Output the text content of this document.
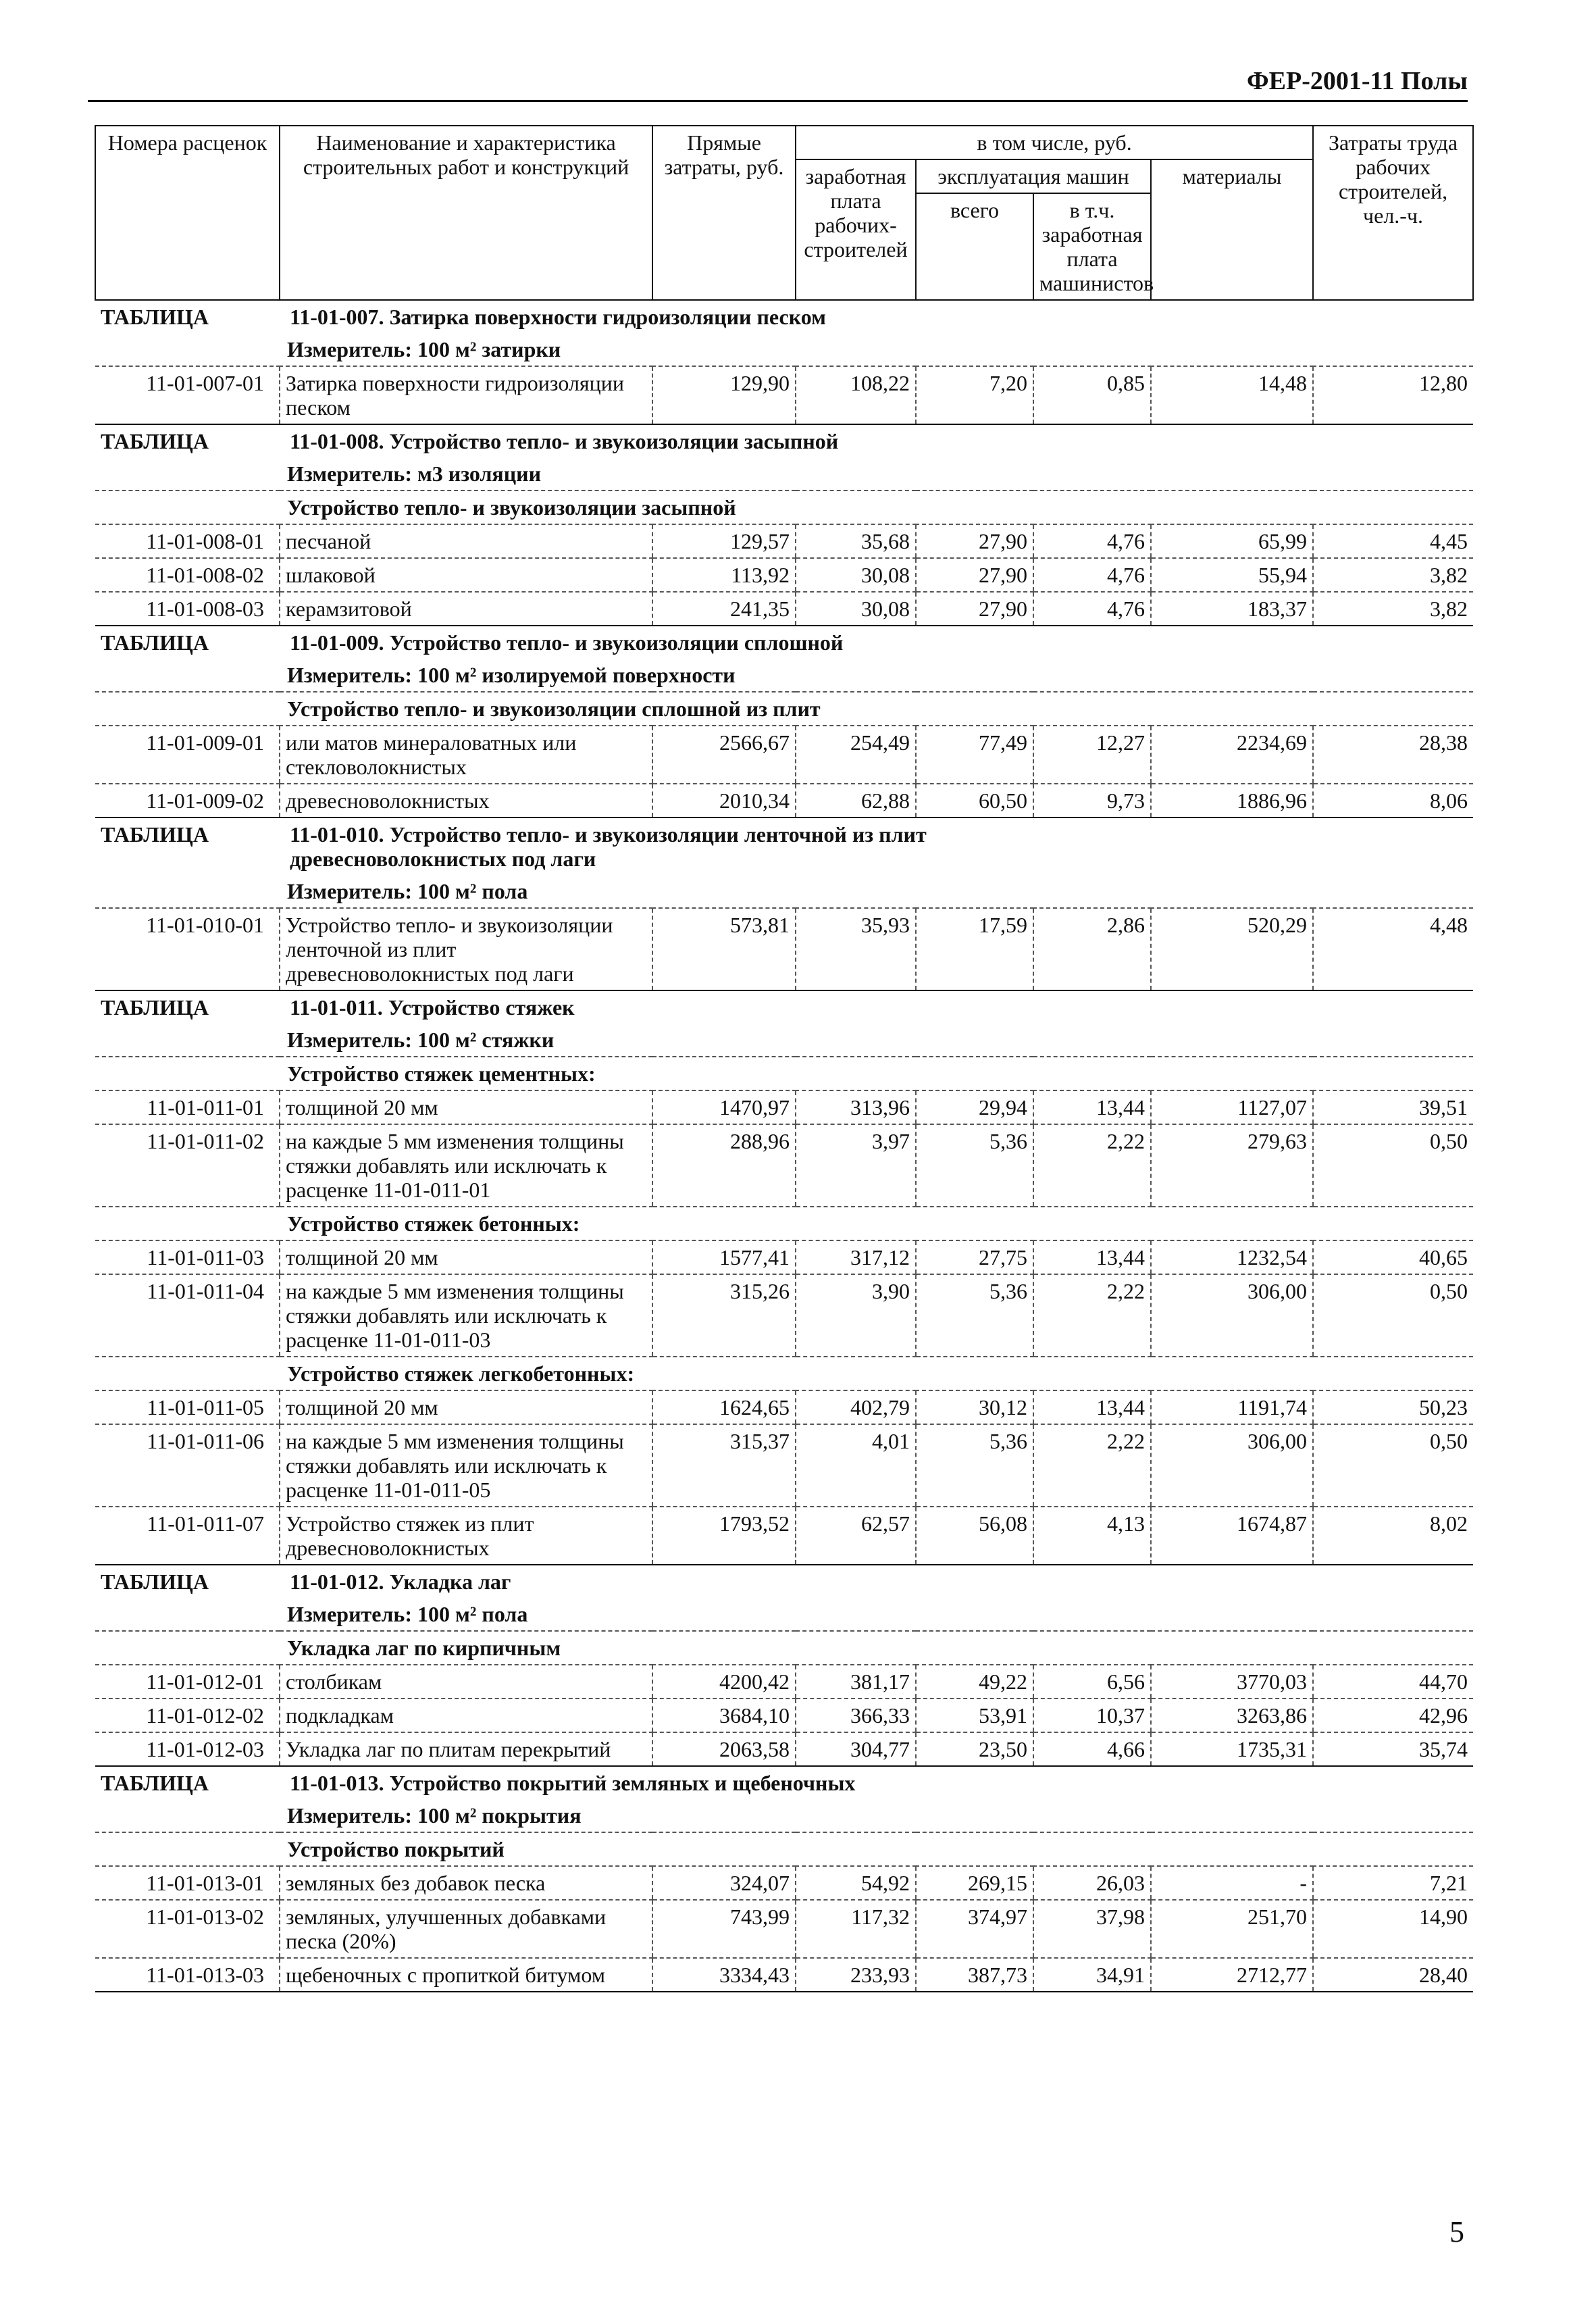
ФЕР-2001-11 Полы
Номера расценок	Наименование и характеристика строительных работ и конструкций	Прямые затраты, руб.	в том числе, руб.				Затраты труда рабочих строителей, чел.-ч.
			заработная плата рабочих-строителей	эксплуатация машин		материалы	
				всего	в т.ч. заработная плата машинистов		
ТАБЛИЦА 11-01-007. Затирка поверхности гидроизоляции песком							
Измеритель: 100 м² затирки							
11-01-007-01	Затирка поверхности гидроизоляции песком	129,90	108,22	7,20	0,85	14,48	12,80
ТАБЛИЦА 11-01-008. Устройство тепло- и звукоизоляции засыпной							
Измеритель: м3 изоляции							
Устройство тепло- и звукоизоляции засыпной							
11-01-008-01	песчаной	129,57	35,68	27,90	4,76	65,99	4,45
11-01-008-02	шлаковой	113,92	30,08	27,90	4,76	55,94	3,82
11-01-008-03	керамзитовой	241,35	30,08	27,90	4,76	183,37	3,82
ТАБЛИЦА 11-01-009. Устройство тепло- и звукоизоляции сплошной							
Измеритель: 100 м² изолируемой поверхности							
Устройство тепло- и звукоизоляции сплошной из плит							
11-01-009-01	или матов минераловатных или стекловолокнистых	2566,67	254,49	77,49	12,27	2234,69	28,38
11-01-009-02	древесноволокнистых	2010,34	62,88	60,50	9,73	1886,96	8,06
ТАБЛИЦА 11-01-010. Устройство тепло- и звукоизоляции ленточной из плит
древесноволокнистых под лаги							

Измеритель: 100 м² пола							
11-01-010-01	Устройство тепло- и звукоизоляции ленточной из плит древесноволокнистых под лаги	573,81	35,93	17,59	2,86	520,29	4,48
ТАБЛИЦА 11-01-011. Устройство стяжек							
Измеритель: 100 м² стяжки							
Устройство стяжек цементных:							
11-01-011-01	толщиной 20 мм	1470,97	313,96	29,94	13,44	1127,07	39,51
11-01-011-02	на каждые 5 мм изменения толщины стяжки добавлять или исключать к расценке 11-01-011-01	288,96	3,97	5,36	2,22	279,63	0,50
Устройство стяжек бетонных:							
11-01-011-03	толщиной 20 мм	1577,41	317,12	27,75	13,44	1232,54	40,65
11-01-011-04	на каждые 5 мм изменения толщины стяжки добавлять или исключать к расценке 11-01-011-03	315,26	3,90	5,36	2,22	306,00	0,50
Устройство стяжек легкобетонных:							
11-01-011-05	толщиной 20 мм	1624,65	402,79	30,12	13,44	1191,74	50,23
11-01-011-06	на каждые 5 мм изменения толщины стяжки добавлять или исключать к расценке 11-01-011-05	315,37	4,01	5,36	2,22	306,00	0,50
11-01-011-07	Устройство стяжек из плит древесноволокнистых	1793,52	62,57	56,08	4,13	1674,87	8,02
ТАБЛИЦА 11-01-012. Укладка лаг							
Измеритель: 100 м² пола							
Укладка лаг по кирпичным							
11-01-012-01	столбикам	4200,42	381,17	49,22	6,56	3770,03	44,70
11-01-012-02	подкладкам	3684,10	366,33	53,91	10,37	3263,86	42,96
11-01-012-03	Укладка лаг по плитам перекрытий	2063,58	304,77	23,50	4,66	1735,31	35,74
ТАБЛИЦА 11-01-013. Устройство покрытий земляных и щебеночных							
Измеритель: 100 м² покрытия							
Устройство покрытий							
11-01-013-01	земляных без добавок песка	324,07	54,92	269,15	26,03	-	7,21
11-01-013-02	земляных, улучшенных добавками песка (20%)	743,99	117,32	374,97	37,98	251,70	14,90
11-01-013-03	щебеночных с пропиткой битумом	3334,43	233,93	387,73	34,91	2712,77	28,40
5
